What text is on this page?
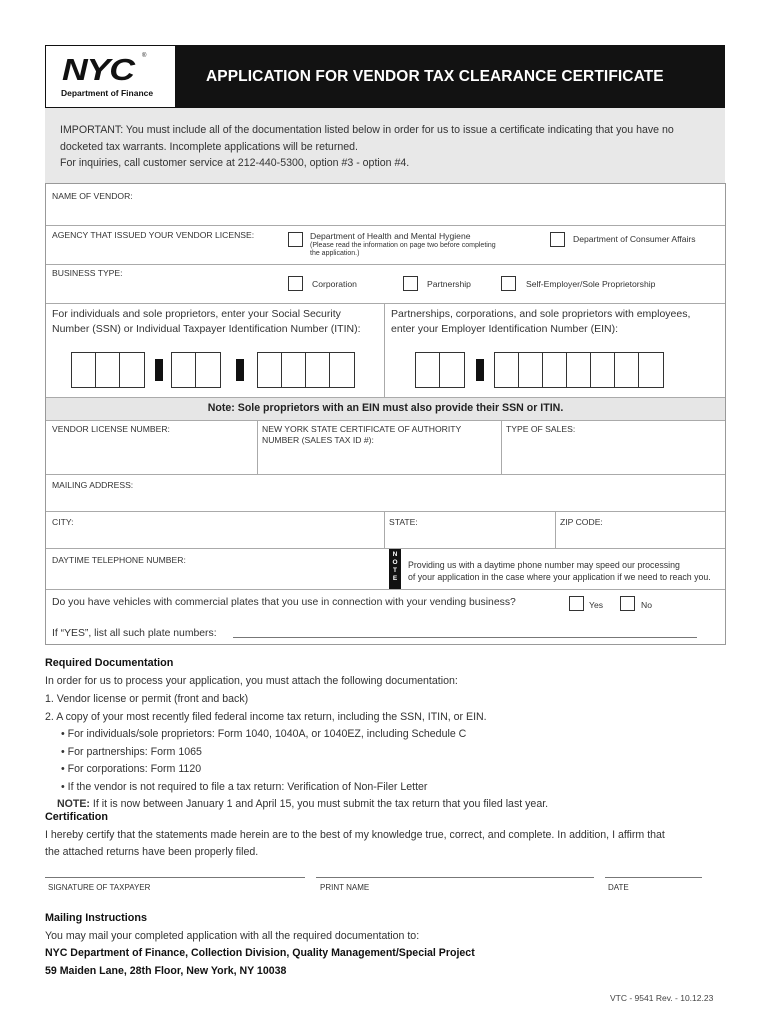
NYC ®
Department of Finance
APPLICATION FOR VENDOR TAX CLEARANCE CERTIFICATE
IMPORTANT: You must include all of the documentation listed below in order for us to issue a certificate indicating that you have no
docketed tax warrants. Incomplete applications will be returned.
For inquiries, call customer service at 212-440-5300, option #3 - option #4.
NAME OF VENDOR:
AGENCY THAT ISSUED YOUR VENDOR LICENSE:	Department of Health and Mental Hygiene
(Please read the information on page two before completing
the application.)
Department of Consumer Affairs
BUSINESS TYPE:
Corporation	Partnership	Self-Employer/Sole Proprietorship
For individuals and sole proprietors, enter your Social Security
Number (SSN) or Individual Taxpayer Identification Number (ITIN):
Partnerships, corporations, and sole proprietors with employees,
enter your Employer Identification Number (EIN):
Note: Sole proprietors with an EIN must also provide their SSN or ITIN.
VENDOR LICENSE NUMBER:	NEW YORK STATE CERTIFICATE OF AUTHORITY
NUMBER (SALES TAX ID #):
TYPE OF SALES:
MAILING ADDRESS:
CITY:	STATE:	ZIP CODE:
DAYTIME TELEPHONE NUMBER:
N
O
T
E
Providing us with a daytime phone number may speed our processing
of your application in the case where your application if we need to reach you.
Do you have vehicles with commercial plates that you use in connection with your vending business?	Yes	No
If “YES”, list all such plate numbers:
Required Documentation
In order for us to process your application, you must attach the following documentation:
1. Vendor license or permit (front and back)
2. A copy of your most recently filed federal income tax return, including the SSN, ITIN, or EIN.
• For individuals/sole proprietors: Form 1040, 1040A, or 1040EZ, including Schedule C
• For partnerships: Form 1065
• For corporations: Form 1120
• If the vendor is not required to file a tax return: Verification of Non-Filer Letter
NOTE: If it is now between January 1 and April 15, you must submit the tax return that you filed last year.
Certification
I hereby certify that the statements made herein are to the best of my knowledge true, correct, and complete. In addition, I affirm that
the attached returns have been properly filed.
SIGNATURE OF TAXPAYER	PRINT NAME	DATE
Mailing Instructions
You may mail your completed application with all the required documentation to:
NYC Department of Finance, Collection Division, Quality Management/Special Project
59 Maiden Lane, 28th Floor, New York, NY 10038
VTC - 9541 Rev. - 10.12.23
